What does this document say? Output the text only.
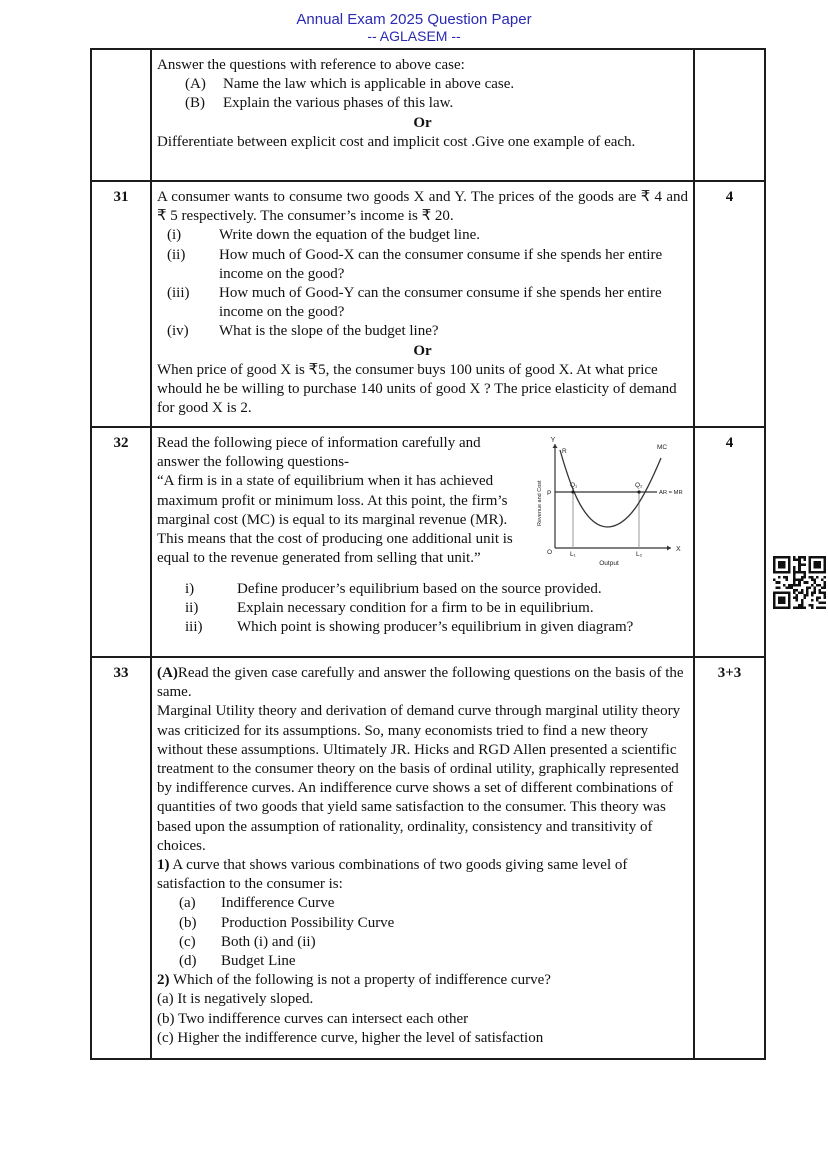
Annual Exam 2025 Question Paper
-- AGLASEM --

Answer the questions with reference to above case:
(A)	Name the law which is applicable in above case.
(B)	Explain the various phases of this law.
Or
Differentiate between explicit cost and implicit cost .Give one example of each.

31	A consumer wants to consume two goods X and Y. The prices of the goods are ₹ 4 and ₹ 5 respectively. The consumer’s income is ₹ 20.
(i)	Write down the equation of the budget line.
(ii)	How much of Good-X can the consumer consume if she spends her entire income on the good?
(iii)	How much of Good-Y can the consumer consume if she spends her entire income on the good?
(iv)	What is the slope of the budget line?
Or
When price of good X is ₹5, the consumer buys 100 units of good X. At what price whould he be willing to purchase 140 units of good X ? The price elasticity of demand for good X is 2.
	4
32	Y
X
R
MC
P	AR = MR
Q₁	Q₂
O	L₁	L₂
Output
Revenue and Cost
Read the following piece of information carefully and answer the following questions-
“A firm is in a state of equilibrium when it has achieved maximum profit or minimum loss. At this point, the firm’s marginal cost (MC) is equal to its marginal revenue (MR). This means that the cost of producing one additional unit is equal to the revenue generated from selling that unit.”
i)	Define producer’s equilibrium based on the source provided.
ii)	Explain necessary condition for a firm to be in equilibrium.
iii)	Which point is showing producer’s equilibrium in given diagram?
	4
33	(A)Read the given case carefully and answer the following questions on the basis of the same.
Marginal Utility theory and derivation of demand curve through marginal utility theory was criticized for its assumptions. So, many economists tried to find a new theory without these assumptions. Ultimately JR. Hicks and RGD Allen presented a scientific treatment to the consumer theory on the basis of ordinal utility, graphically represented by indifference curves. An indifference curve shows a set of different combinations of quantities of two goods that yield same satisfaction to the consumer. This theory was based upon the assumption of rationality, ordinality, consistency and transitivity of choices.
1) A curve that shows various combinations of two goods giving same level of satisfaction to the consumer is:
(a)	Indifference Curve
(b)	Production Possibility Curve
(c)	Both (i) and (ii)
(d)	Budget Line
2) Which of the following is not a property of indifference curve?
(a) It is negatively sloped.
(b) Two indifference curves can intersect each other
(c) Higher the indifference curve, higher the level of satisfaction
	3+3
